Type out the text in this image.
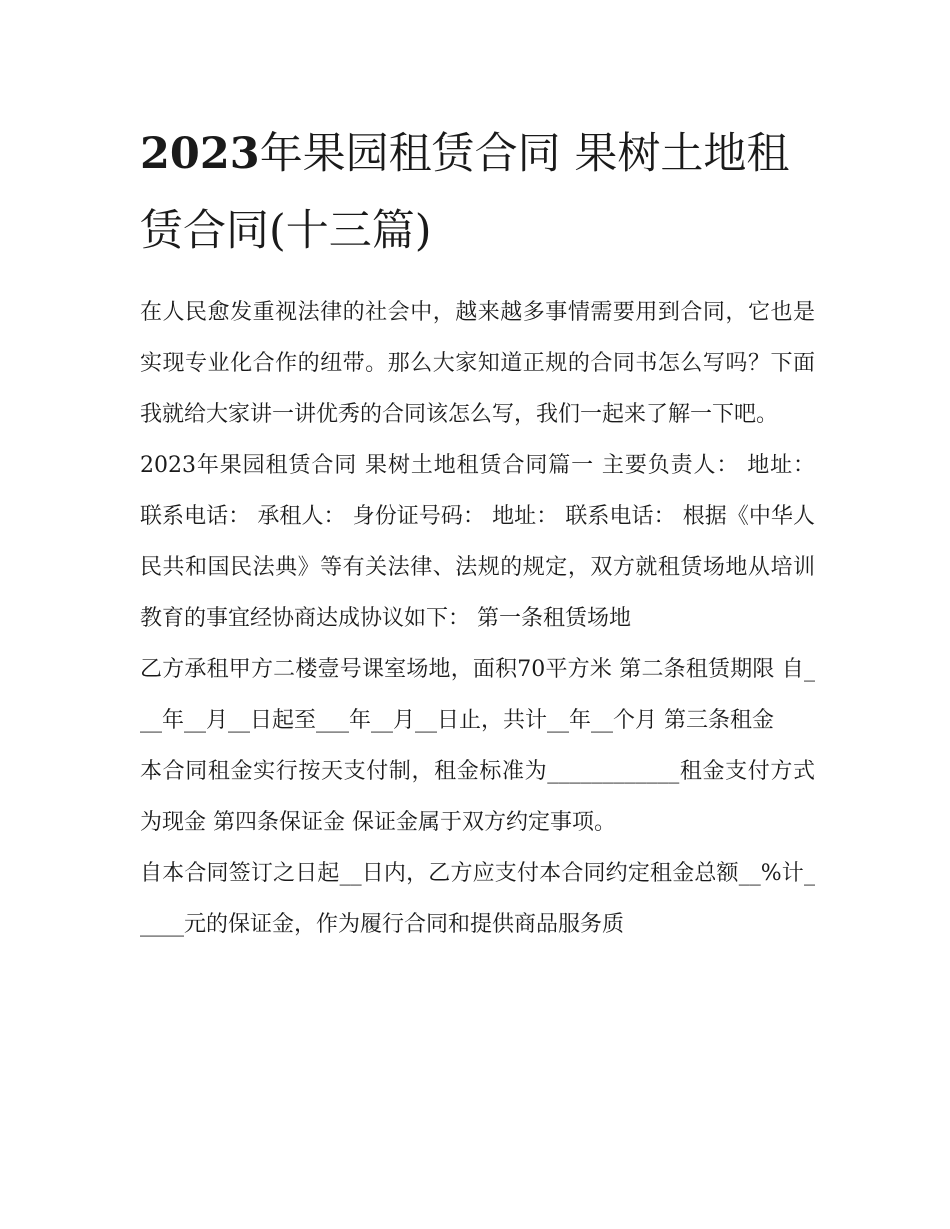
2023年果园租赁合同 果树土地租赁合同(十三篇)

在人民愈发重视法律的社会中，越来越多事情需要用到合同，它也是实现专业化合作的纽带。那么大家知道正规的合同书怎么写吗？下面我就给大家讲一讲优秀的合同该怎么写，我们一起来了解一下吧。

2023年果园租赁合同 果树土地租赁合同篇一 主要负责人： 地址： 联系电话： 承租人： 身份证号码： 地址： 联系电话： 根据《中华人民共和国民法典》等有关法律、法规的规定，双方就租赁场地从培训教育的事宜经协商达成协议如下： 第一条租赁场地

乙方承租甲方二楼壹号课室场地，面积70平方米 第二条租赁期限 自___年__月__日起至___年__月__日止，共计__年__个月 第三条租金

本合同租金实行按天支付制，租金标准为____________租金支付方式为现金 第四条保证金 保证金属于双方约定事项。

自本合同签订之日起__日内，乙方应支付本合同约定租金总额__%计_____元的保证金，作为履行合同和提供商品服务质
